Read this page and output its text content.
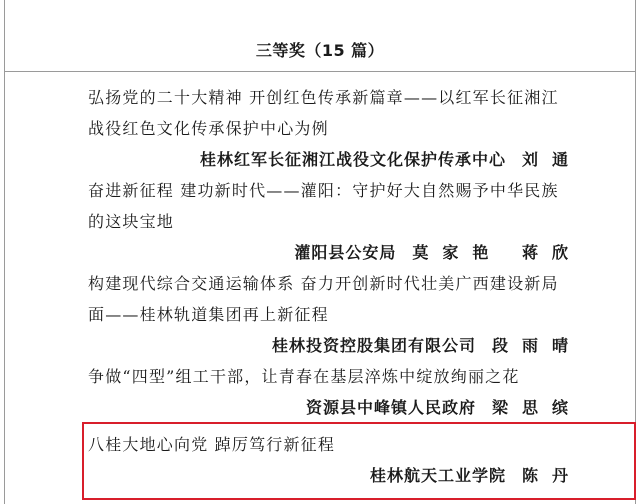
三等奖（15 篇）
弘扬党的二十大精神 开创红色传承新篇章——以红军长征湘江
战役红色文化传承保护中心为例
桂林红军长征湘江战役文化保护传承中心 刘通
奋进新征程 建功新时代——灌阳：守护好大自然赐予中华民族
的这块宝地
灌阳县公安局 莫家艳 蒋欣
构建现代综合交通运输体系 奋力开创新时代壮美广西建设新局
面——桂林轨道集团再上新征程
桂林投资控股集团有限公司 段雨晴
争做“四型”组工干部，让青春在基层淬炼中绽放绚丽之花
资源县中峰镇人民政府 梁思缤
八桂大地心向党 踔厉笃行新征程
桂林航天工业学院 陈丹
